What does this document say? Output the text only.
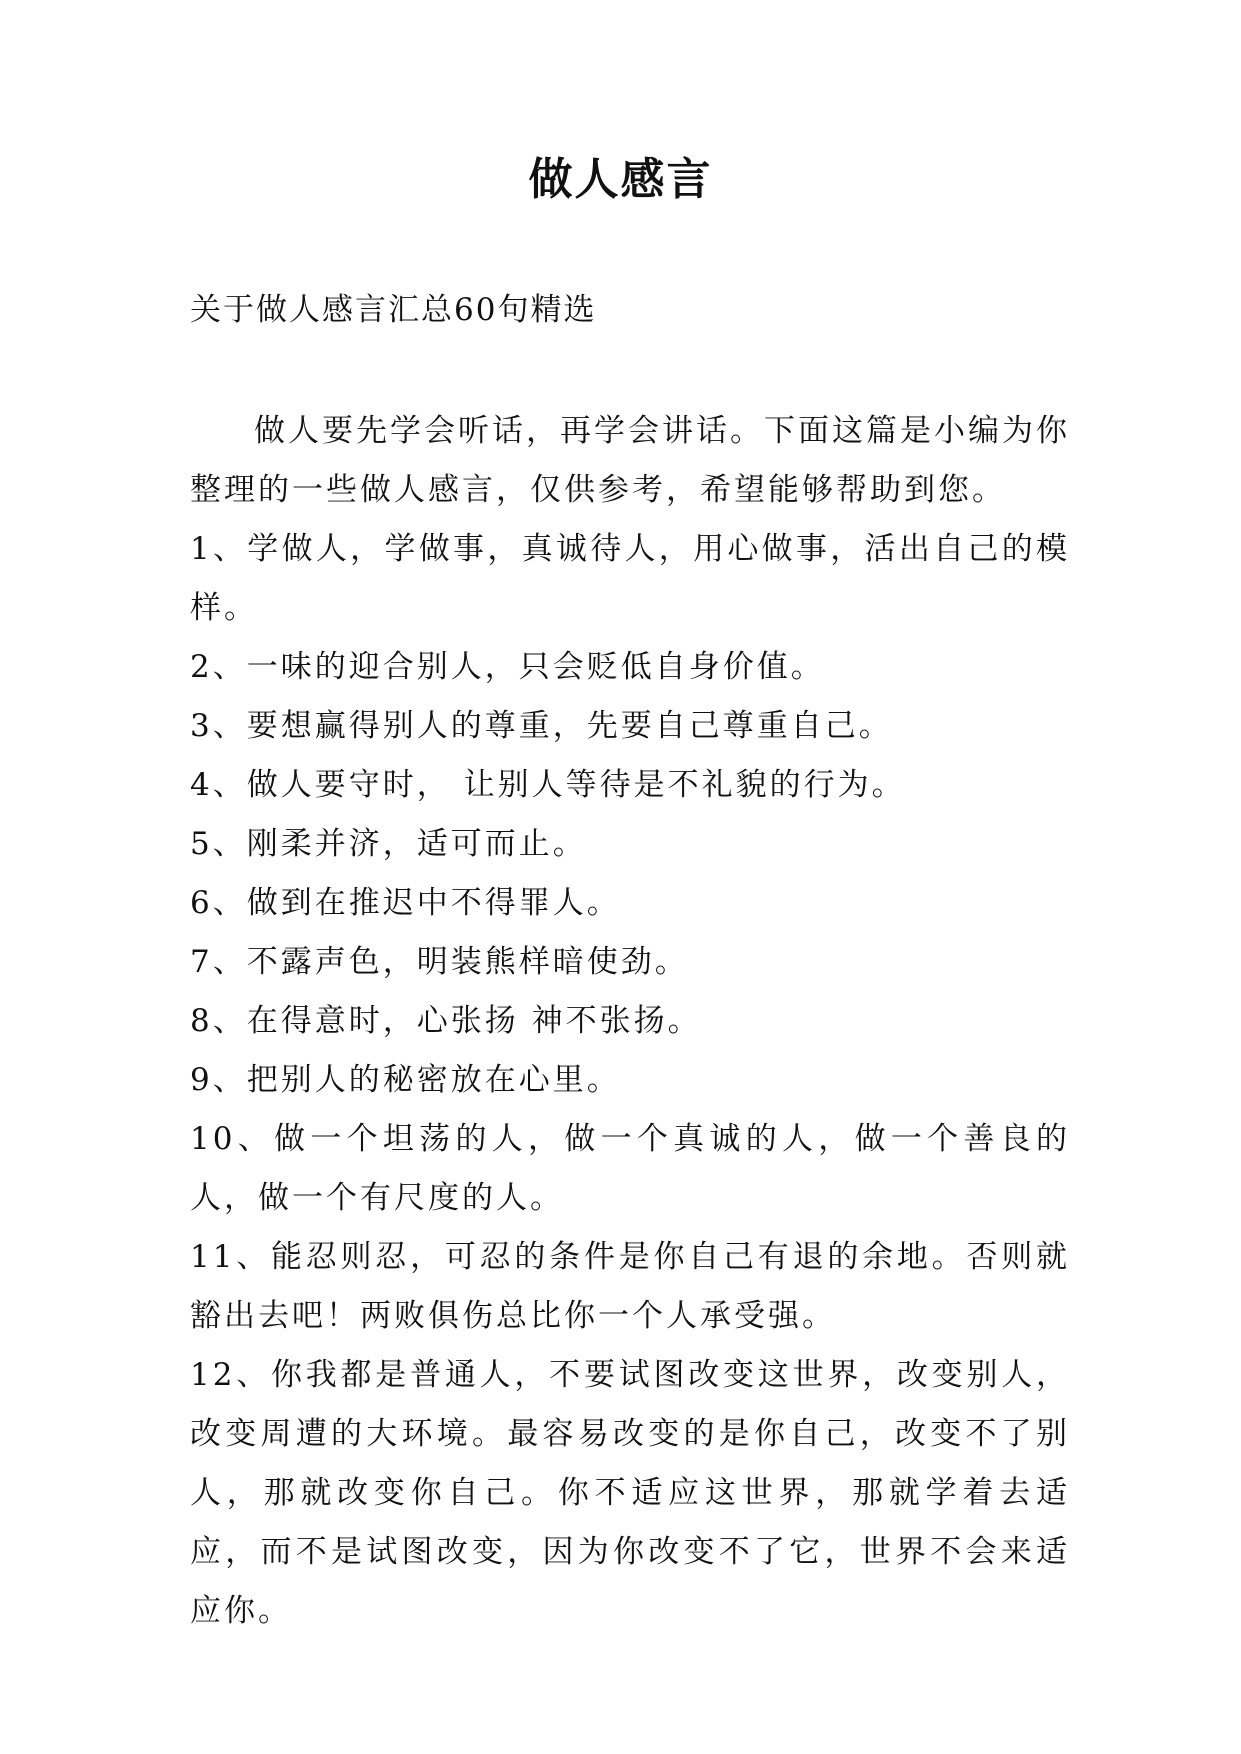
做人感言

关于做人感言汇总60句精选

做人要先学会听话，再学会讲话。下面这篇是小编为你整理的一些做人感言，仅供参考，希望能够帮助到您。

1、学做人，学做事，真诚待人，用心做事，活出自己的模样。

2、一味的迎合别人，只会贬低自身价值。

3、要想赢得别人的尊重，先要自己尊重自己。

4、做人要守时， 让别人等待是不礼貌的行为。

5、刚柔并济，适可而止。

6、做到在推迟中不得罪人。

7、不露声色，明装熊样暗使劲。

8、在得意时，心张扬 神不张扬。

9、把别人的秘密放在心里。

10、做一个坦荡的人，做一个真诚的人，做一个善良的人，做一个有尺度的人。

11、能忍则忍，可忍的条件是你自己有退的余地。否则就豁出去吧！两败俱伤总比你一个人承受强。

12、你我都是普通人，不要试图改变这世界，改变别人，改变周遭的大环境。最容易改变的是你自己，改变不了别人，那就改变你自己。你不适应这世界，那就学着去适应，而不是试图改变，因为你改变不了它，世界不会来适应你。
